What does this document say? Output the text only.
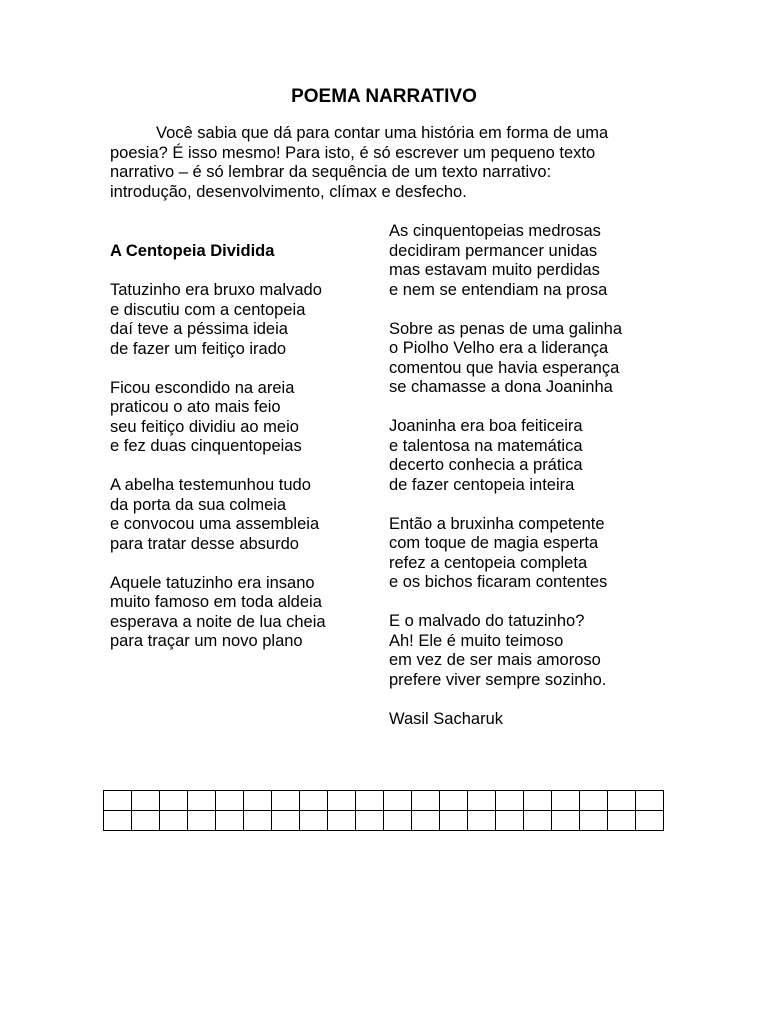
POEMA NARRATIVO
Você sabia que dá para contar uma história em forma de uma
poesia? É isso mesmo! Para isto, é só escrever um pequeno texto
narrativo – é só lembrar da sequência de um texto narrativo:
introdução, desenvolvimento, clímax e desfecho.
A Centopeia Dividida
Tatuzinho era bruxo malvado
e discutiu com a centopeia
daí teve a péssima ideia
de fazer um feitiço irado
Ficou escondido na areia
praticou o ato mais feio
seu feitiço dividiu ao meio
e fez duas cinquentopeias
A abelha testemunhou tudo
da porta da sua colmeia
e convocou uma assembleia
para tratar desse absurdo
Aquele tatuzinho era insano
muito famoso em toda aldeia
esperava a noite de lua cheia
para traçar um novo plano
As cinquentopeias medrosas
decidiram permancer unidas
mas estavam muito perdidas
e nem se entendiam na prosa
Sobre as penas de uma galinha
o Piolho Velho era a liderança
comentou que havia esperança
se chamasse a dona Joaninha
Joaninha era boa feiticeira
e talentosa na matemática
decerto conhecia a prática
de fazer centopeia inteira
Então a bruxinha competente
com toque de magia esperta
refez a centopeia completa
e os bichos ficaram contentes
E o malvado do tatuzinho?
Ah! Ele é muito teimoso
em vez de ser mais amoroso
prefere viver sempre sozinho.
Wasil Sacharuk
